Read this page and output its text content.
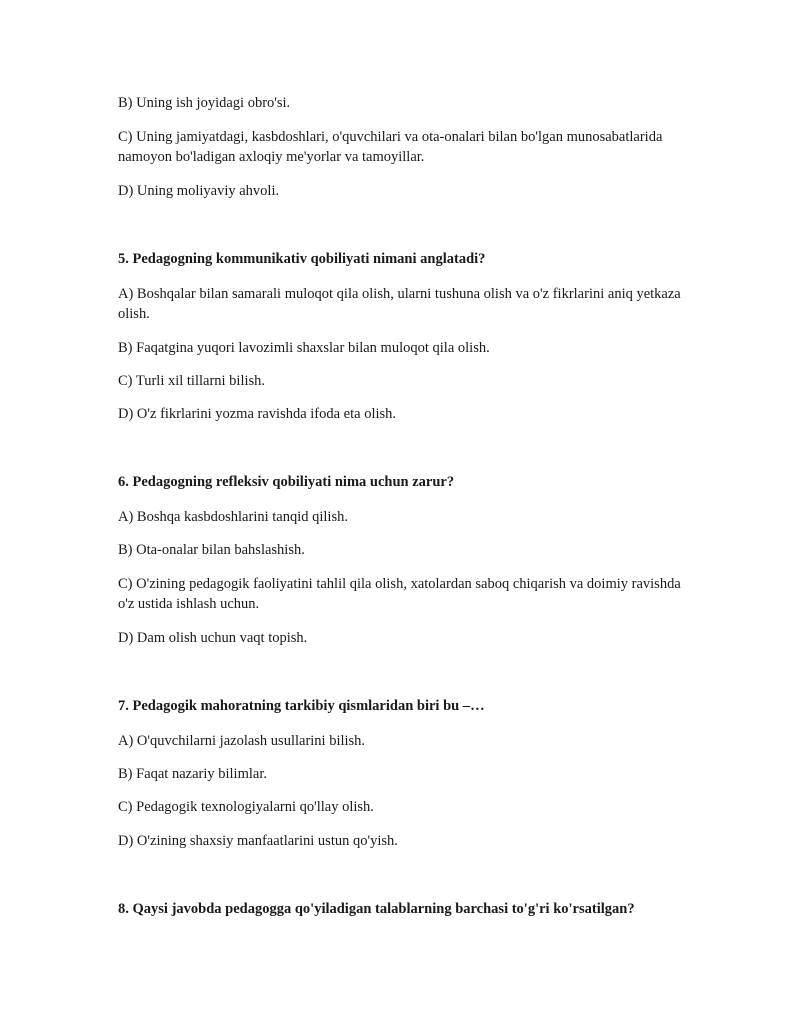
B) Uning ish joyidagi obro'si.
C) Uning jamiyatdagi, kasbdoshlari, o'quvchilari va ota-onalari bilan bo'lgan munosabatlarida namoyon bo'ladigan axloqiy me'yorlar va tamoyillar.
D) Uning moliyaviy ahvoli.
5. Pedagogning kommunikativ qobiliyati nimani anglatadi?
A) Boshqalar bilan samarali muloqot qila olish, ularni tushuna olish va o'z fikrlarini aniq yetkaza olish.
B) Faqatgina yuqori lavozimli shaxslar bilan muloqot qila olish.
C) Turli xil tillarni bilish.
D) O'z fikrlarini yozma ravishda ifoda eta olish.
6. Pedagogning refleksiv qobiliyati nima uchun zarur?
A) Boshqa kasbdoshlarini tanqid qilish.
B) Ota-onalar bilan bahslashish.
C) O'zining pedagogik faoliyatini tahlil qila olish, xatolardan saboq chiqarish va doimiy ravishda o'z ustida ishlash uchun.
D) Dam olish uchun vaqt topish.
7. Pedagogik mahoratning tarkibiy qismlaridan biri bu –…
A) O'quvchilarni jazolash usullarini bilish.
B) Faqat nazariy bilimlar.
C) Pedagogik texnologiyalarni qo'llay olish.
D) O'zining shaxsiy manfaatlarini ustun qo'yish.
8. Qaysi javobda pedagogga qo'yiladigan talablarning barchasi to'g'ri ko'rsatilgan?
